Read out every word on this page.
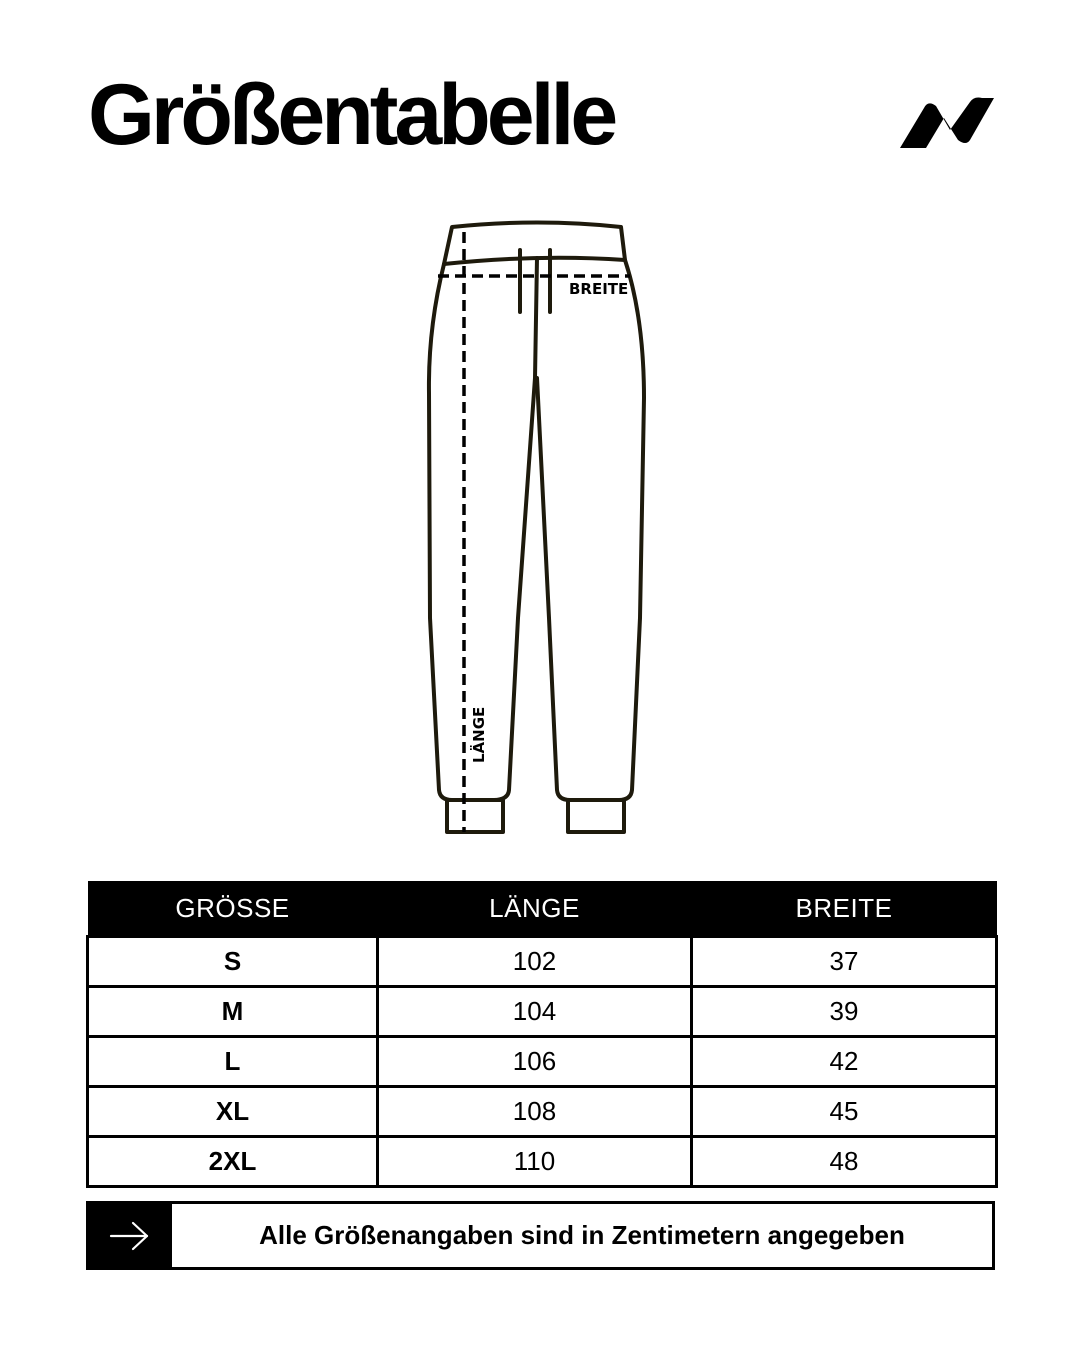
Größentabelle
BREITE
LÄNGE
GRÖSSE	LÄNGE	BREITE
S	102	37
M	104	39
L	106	42
XL	108	45
2XL	110	48
Alle Größenangaben sind in Zentimetern angegeben
